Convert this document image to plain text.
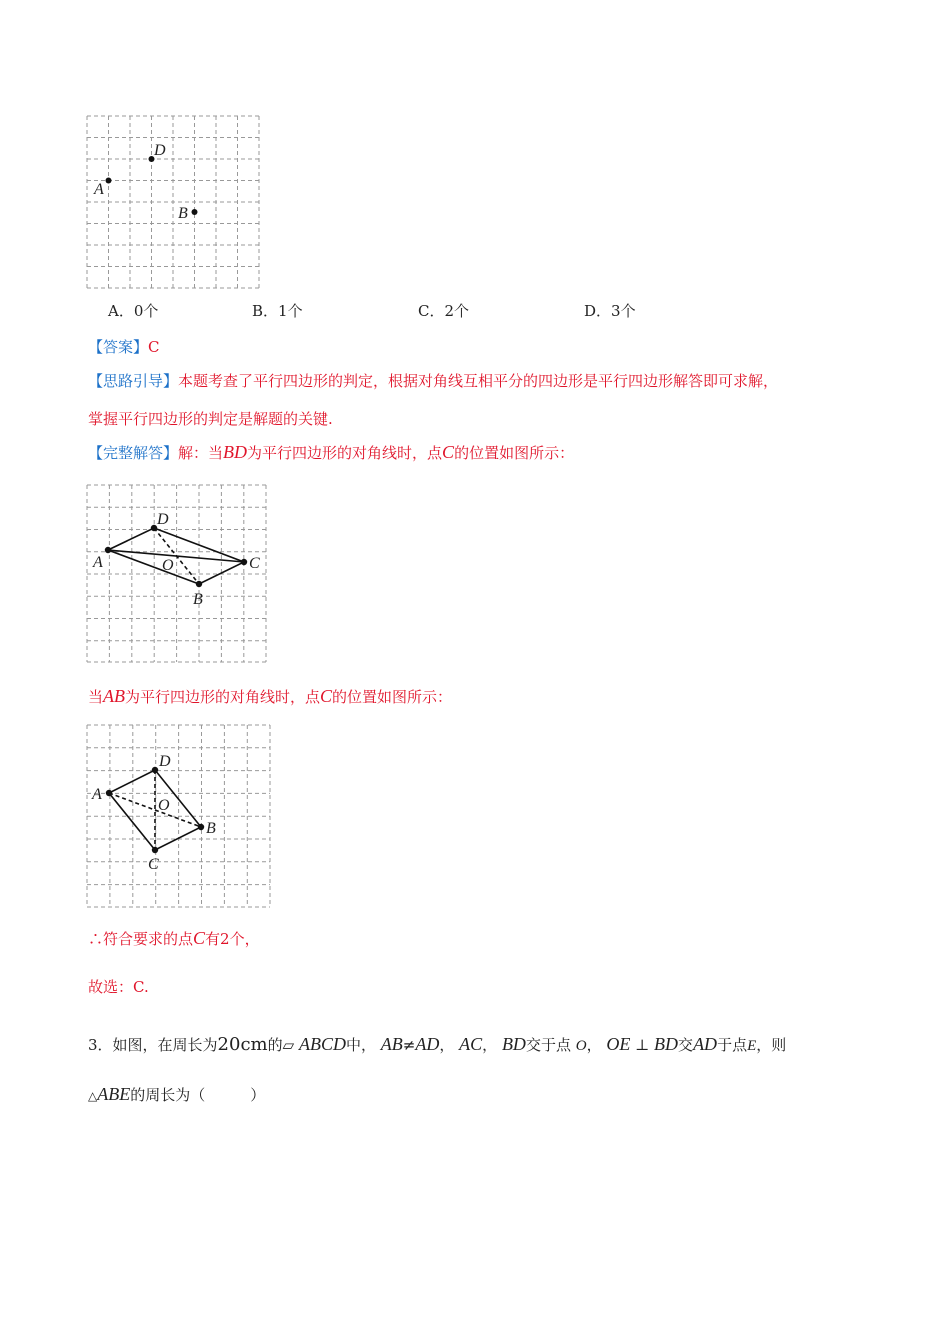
A
D
B
A．0个	B．1个	C．2个	D．3个
【答案】C
【思路引导】本题考查了平行四边形的判定，根据对角线互相平分的四边形是平行四边形解答即可求解，
掌握平行四边形的判定是解题的关键.
【完整解答】解：当BD为平行四边形的对角线时，点C的位置如图所示：
A
D
C
B
O
当AB为平行四边形的对角线时，点C的位置如图所示：
A
D
B
C
O
∴符合要求的点C有2个，
故选：C.
3．如图，在周长为20cm的▱ ABCD中， AB≠AD， AC， BD交于点 O， OE ⊥ BD交AD于点E，则
△ABE的周长为（　　　）
